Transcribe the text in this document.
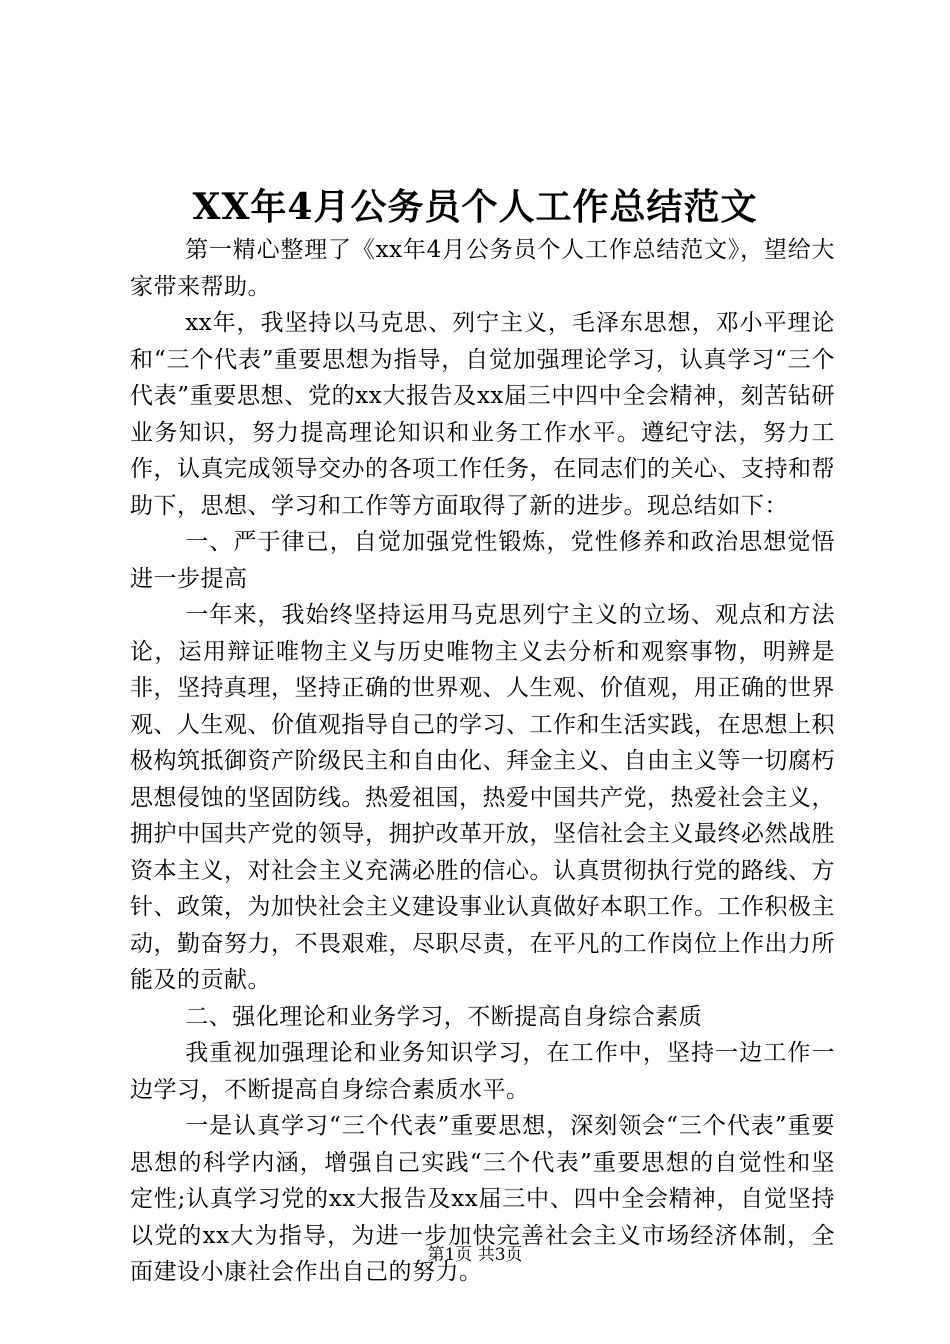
XX年4月公务员个人工作总结范文

第一精心整理了《xx年4月公务员个人工作总结范文》，望给大家带来帮助。

xx年，我坚持以马克思、列宁主义，毛泽东思想，邓小平理论和“三个代表”重要思想为指导，自觉加强理论学习，认真学习“三个代表”重要思想、党的xx大报告及xx届三中四中全会精神，刻苦钻研业务知识，努力提高理论知识和业务工作水平。遵纪守法，努力工作，认真完成领导交办的各项工作任务，在同志们的关心、支持和帮助下，思想、学习和工作等方面取得了新的进步。现总结如下：

一、严于律已，自觉加强党性锻炼，党性修养和政治思想觉悟进一步提高

一年来，我始终坚持运用马克思列宁主义的立场、观点和方法论，运用辩证唯物主义与历史唯物主义去分析和观察事物，明辨是非，坚持真理，坚持正确的世界观、人生观、价值观，用正确的世界观、人生观、价值观指导自己的学习、工作和生活实践，在思想上积极构筑抵御资产阶级民主和自由化、拜金主义、自由主义等一切腐朽思想侵蚀的坚固防线。热爱祖国，热爱中国共产党，热爱社会主义，拥护中国共产党的领导，拥护改革开放，坚信社会主义最终必然战胜资本主义，对社会主义充满必胜的信心。认真贯彻执行党的路线、方针、政策，为加快社会主义建设事业认真做好本职工作。工作积极主动，勤奋努力，不畏艰难，尽职尽责，在平凡的工作岗位上作出力所能及的贡献。

二、强化理论和业务学习，不断提高自身综合素质

我重视加强理论和业务知识学习，在工作中，坚持一边工作一边学习，不断提高自身综合素质水平。

一是认真学习“三个代表”重要思想，深刻领会“三个代表”重要思想的科学内涵，增强自己实践“三个代表”重要思想的自觉性和坚定性;认真学习党的xx大报告及xx届三中、四中全会精神，自觉坚持以党的xx大为指导，为进一步加快完善社会主义市场经济体制，全面建设小康社会作出自己的努力。

第1页 共3页
